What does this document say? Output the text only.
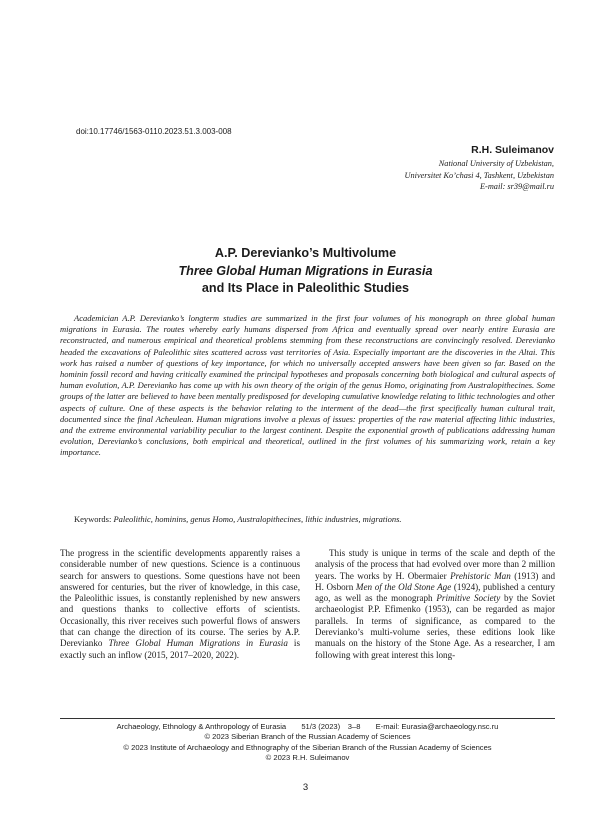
doi:10.17746/1563-0110.2023.51.3.003-008
R.H. Suleimanov
National University of Uzbekistan,
Universitet Ko’chasi 4, Tashkent, Uzbekistan
E-mail: sr39@mail.ru
A.P. Derevianko’s Multivolume
Three Global Human Migrations in Eurasia
and Its Place in Paleolithic Studies

Academician A.P. Derevianko’s longterm studies are summarized in the first four volumes of his monograph on three global human migrations in Eurasia. The routes whereby early humans dispersed from Africa and eventually spread over nearly entire Eurasia are reconstructed, and numerous empirical and theoretical problems stemming from these reconstructions are convincingly resolved. Derevianko headed the excavations of Paleolithic sites scattered across vast territories of Asia. Especially important are the discoveries in the Altai. This work has raised a number of questions of key importance, for which no universally accepted answers have been given so far. Based on the hominin fossil record and having critically examined the principal hypotheses and proposals concerning both biological and cultural aspects of human evolution, A.P. Derevianko has come up with his own theory of the origin of the genus Homo, originating from Australopithecines. Some groups of the latter are believed to have been mentally predisposed for developing cumulative knowledge relating to lithic technologies and other aspects of culture. One of these aspects is the behavior relating to the interment of the dead—the first specifically human cultural trait, documented since the final Acheulean. Human migrations involve a plexus of issues: properties of the raw material affecting lithic industries, and the extreme environmental variability peculiar to the largest continent. Despite the exponential growth of publications addressing human evolution, Derevianko’s conclusions, both empirical and theoretical, outlined in the first volumes of his summarizing work, retain a key importance.

Keywords: Paleolithic, hominins, genus Homo, Australopithecines, lithic industries, migrations.

The progress in the scientific developments apparently raises a considerable number of new questions. Science is a continuous search for answers to questions. Some questions have not been answered for centuries, but the river of knowledge, in this case, the Paleolithic issues, is constantly replenished by new answers and questions thanks to collective efforts of scientists. Occasionally, this river receives such powerful flows of answers that can change the direction of its course. The series by A.P. Derevianko Three Global Human Migrations in Eurasia is exactly such an inflow (2015, 2017–2020, 2022).

This study is unique in terms of the scale and depth of the analysis of the process that had evolved over more than 2 million years. The works by H. Obermaier Prehistoric Man (1913) and H. Osborn Men of the Old Stone Age (1924), published a century ago, as well as the monograph Primitive Society by the Soviet archaeologist P.P. Efimenko (1953), can be regarded as major parallels. In terms of significance, as compared to the Derevianko’s multi-volume series, these editions look like manuals on the history of the Stone Age. As a researcher, I am following with great interest this long-

Archaeology, Ethnology & Anthropology of Eurasia  51/3 (2023) 3–8  E-mail: Eurasia@archaeology.nsc.ru
© 2023 Siberian Branch of the Russian Academy of Sciences
© 2023 Institute of Archaeology and Ethnography of the Siberian Branch of the Russian Academy of Sciences
© 2023 R.H. Suleimanov
3
